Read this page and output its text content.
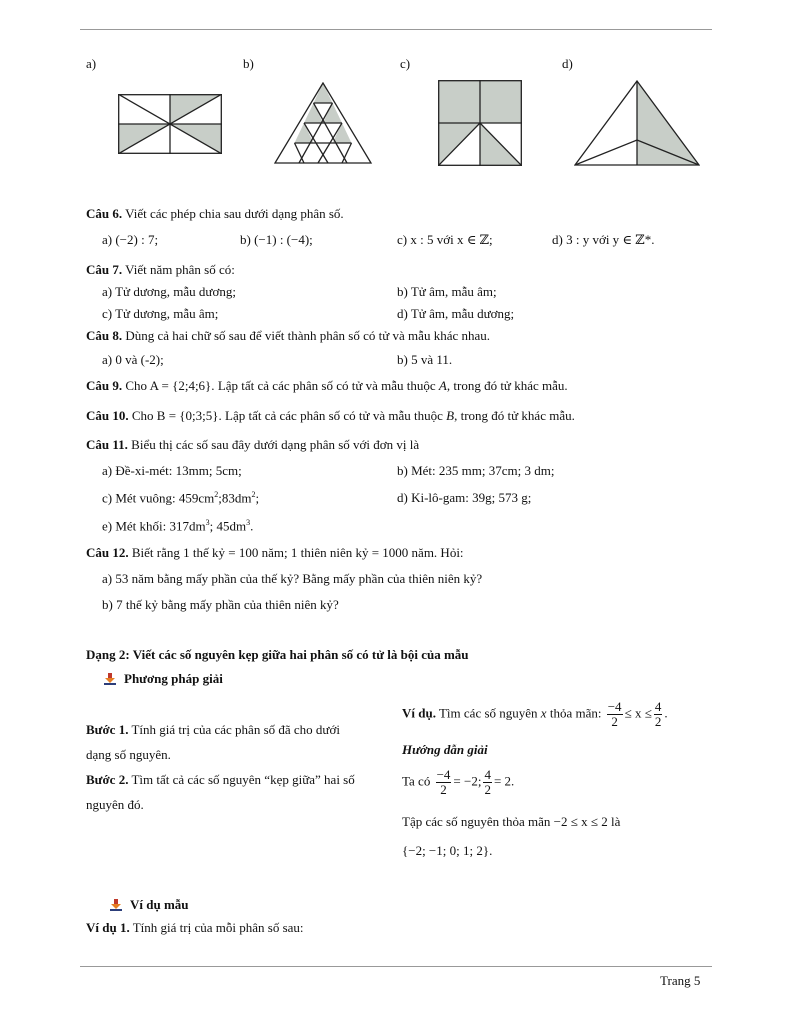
a)	b)	c)	d)
Câu 6. Viết các phép chia sau dưới dạng phân số.
a) (−2) : 7;	b) (−1) : (−4);	c) x : 5 với x ∈ ℤ;	d) 3 : y với y ∈ ℤ*.
Câu 7. Viết năm phân số có:
a) Tử dương, mẫu dương;	b) Tử âm, mẫu âm;
c) Tử dương, mẫu âm;	d) Tử âm, mẫu dương;
Câu 8. Dùng cả hai chữ số sau để viết thành phân số có tử và mẫu khác nhau.
a) 0 và (-2);	b) 5 và 11.
Câu 9. Cho A = {2;4;6}. Lập tất cả các phân số có tử và mẫu thuộc A, trong đó tử khác mẫu.
Câu 10. Cho B = {0;3;5}. Lập tất cả các phân số có tử và mẫu thuộc B, trong đó tử khác mẫu.
Câu 11. Biểu thị các số sau đây dưới dạng phân số với đơn vị là
a) Đề-xi-mét: 13mm; 5cm;	b) Mét: 235 mm; 37cm; 3 dm;
c) Mét vuông: $459cm^2;83dm^2$;	d) Ki-lô-gam: 39g; 573 g;
e) Mét khối: $317dm^3$; $45dm^3$.
Câu 12. Biết rằng 1 thế kỷ = 100 năm; 1 thiên niên kỷ = 1000 năm. Hỏi:
a) 53 năm bằng mấy phần của thế kỷ? Bằng mấy phần của thiên niên kỷ?
b) 7 thế kỷ bằng mấy phần của thiên niên kỷ?
Dạng 2: Viết các số nguyên kẹp giữa hai phân số có tử là bội của mẫu
Phương pháp giải
Bước 1. Tính giá trị của các phân số đã cho dưới
dạng số nguyên.
Bước 2. Tìm tất cả các số nguyên “kẹp giữa” hai số
nguyên đó.
Ví dụ. Tìm các số nguyên x thỏa mãn: $\frac{-4}{2} \le x \le \frac{4}{2}$ .
Hướng dẫn giải
Ta có $\frac{-4}{2} = -2$; $\frac{4}{2} = 2$.
Tập các số nguyên thỏa mãn −2 ≤ x ≤ 2 là
{−2; −1; 0; 1; 2}.
Ví dụ mẫu
Ví dụ 1. Tính giá trị của mỗi phân số sau:
Trang 5
